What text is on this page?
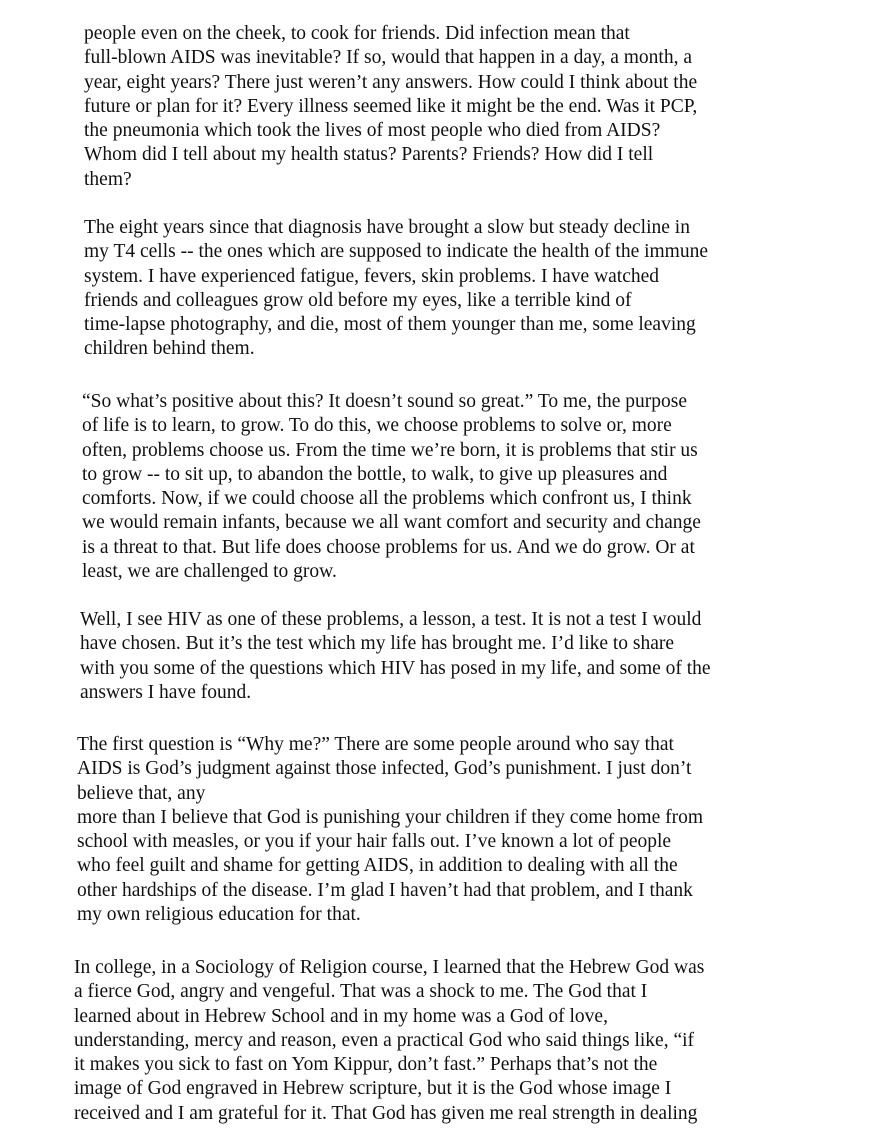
people even on the cheek, to cook for friends. Did infection mean that
full-blown AIDS was inevitable? If so, would that happen in a day, a month, a
year, eight years? There just weren’t any answers. How could I think about the
future or plan for it? Every illness seemed like it might be the end. Was it PCP,
the pneumonia which took the lives of most people who died from AIDS?
Whom did I tell about my health status? Parents? Friends? How did I tell
them?
The eight years since that diagnosis have brought a slow but steady decline in
my T4 cells -- the ones which are supposed to indicate the health of the immune
system. I have experienced fatigue, fevers, skin problems. I have watched
friends and colleagues grow old before my eyes, like a terrible kind of
time-lapse photography, and die, most of them younger than me, some leaving
children behind them.
“So what’s positive about this? It doesn’t sound so great.” To me, the purpose
of life is to learn, to grow. To do this, we choose problems to solve or, more
often, problems choose us. From the time we’re born, it is problems that stir us
to grow -- to sit up, to abandon the bottle, to walk, to give up pleasures and
comforts. Now, if we could choose all the problems which confront us, I think
we would remain infants, because we all want comfort and security and change
is a threat to that. But life does choose problems for us. And we do grow. Or at
least, we are challenged to grow.
Well, I see HIV as one of these problems, a lesson, a test. It is not a test I would
have chosen. But it’s the test which my life has brought me. I’d like to share
with you some of the questions which HIV has posed in my life, and some of the
answers I have found.
The first question is “Why me?” There are some people around who say that
AIDS is God’s judgment against those infected, God’s punishment. I just don’t
believe that, any
more than I believe that God is punishing your children if they come home from
school with measles, or you if your hair falls out. I’ve known a lot of people
who feel guilt and shame for getting AIDS, in addition to dealing with all the
other hardships of the disease. I’m glad I haven’t had that problem, and I thank
my own religious education for that.
In college, in a Sociology of Religion course, I learned that the Hebrew God was
a fierce God, angry and vengeful. That was a shock to me. The God that I
learned about in Hebrew School and in my home was a God of love,
understanding, mercy and reason, even a practical God who said things like, “if
it makes you sick to fast on Yom Kippur, don’t fast.” Perhaps that’s not the
image of God engraved in Hebrew scripture, but it is the God whose image I
received and I am grateful for it. That God has given me real strength in dealing
